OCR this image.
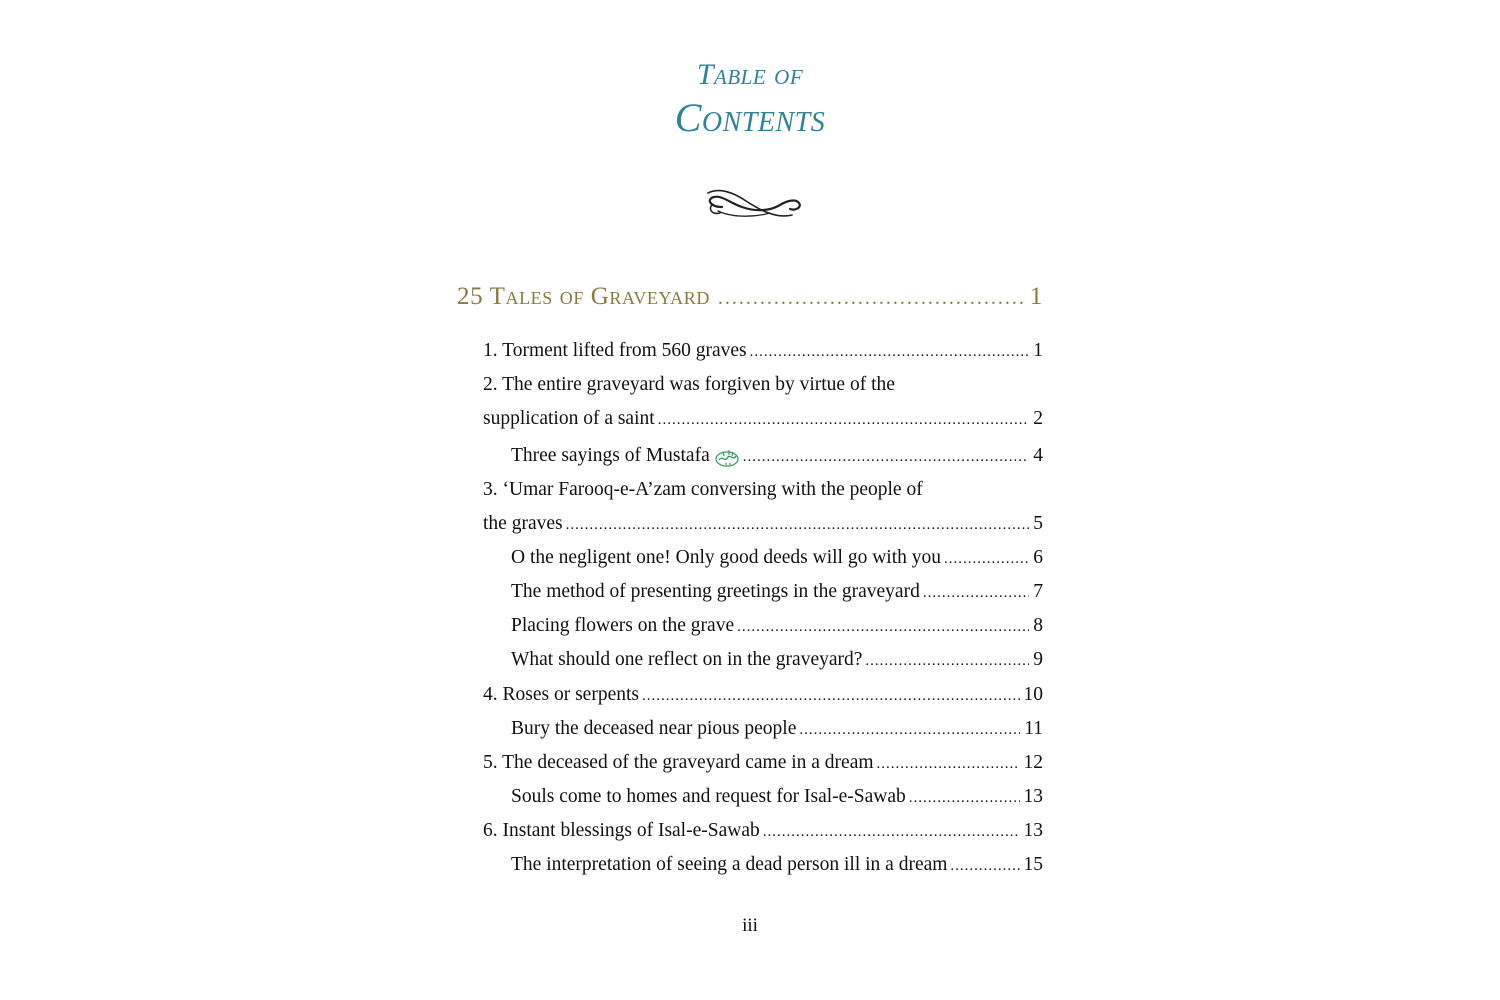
Table of
Contents
25 Tales of Graveyard .....	1
1. Torment lifted from 560 graves .....	1
2. The entire graveyard was forgiven by virtue of the
supplication of a saint .....	2
Three sayings of Mustafa .....	4
3. ‘Umar Farooq-e-A’zam conversing with the people of
the graves .....	5
O the negligent one! Only good deeds will go with you .....	6
The method of presenting greetings in the graveyard .....	7
Placing flowers on the grave .....	8
What should one reflect on in the graveyard? .....	9
4. Roses or serpents .....	10
Bury the deceased near pious people .....	11
5. The deceased of the graveyard came in a dream .....	12
Souls come to homes and request for Isal-e-Sawab .....	13
6. Instant blessings of Isal-e-Sawab .....	13
The interpretation of seeing a dead person ill in a dream .....	15
iii
